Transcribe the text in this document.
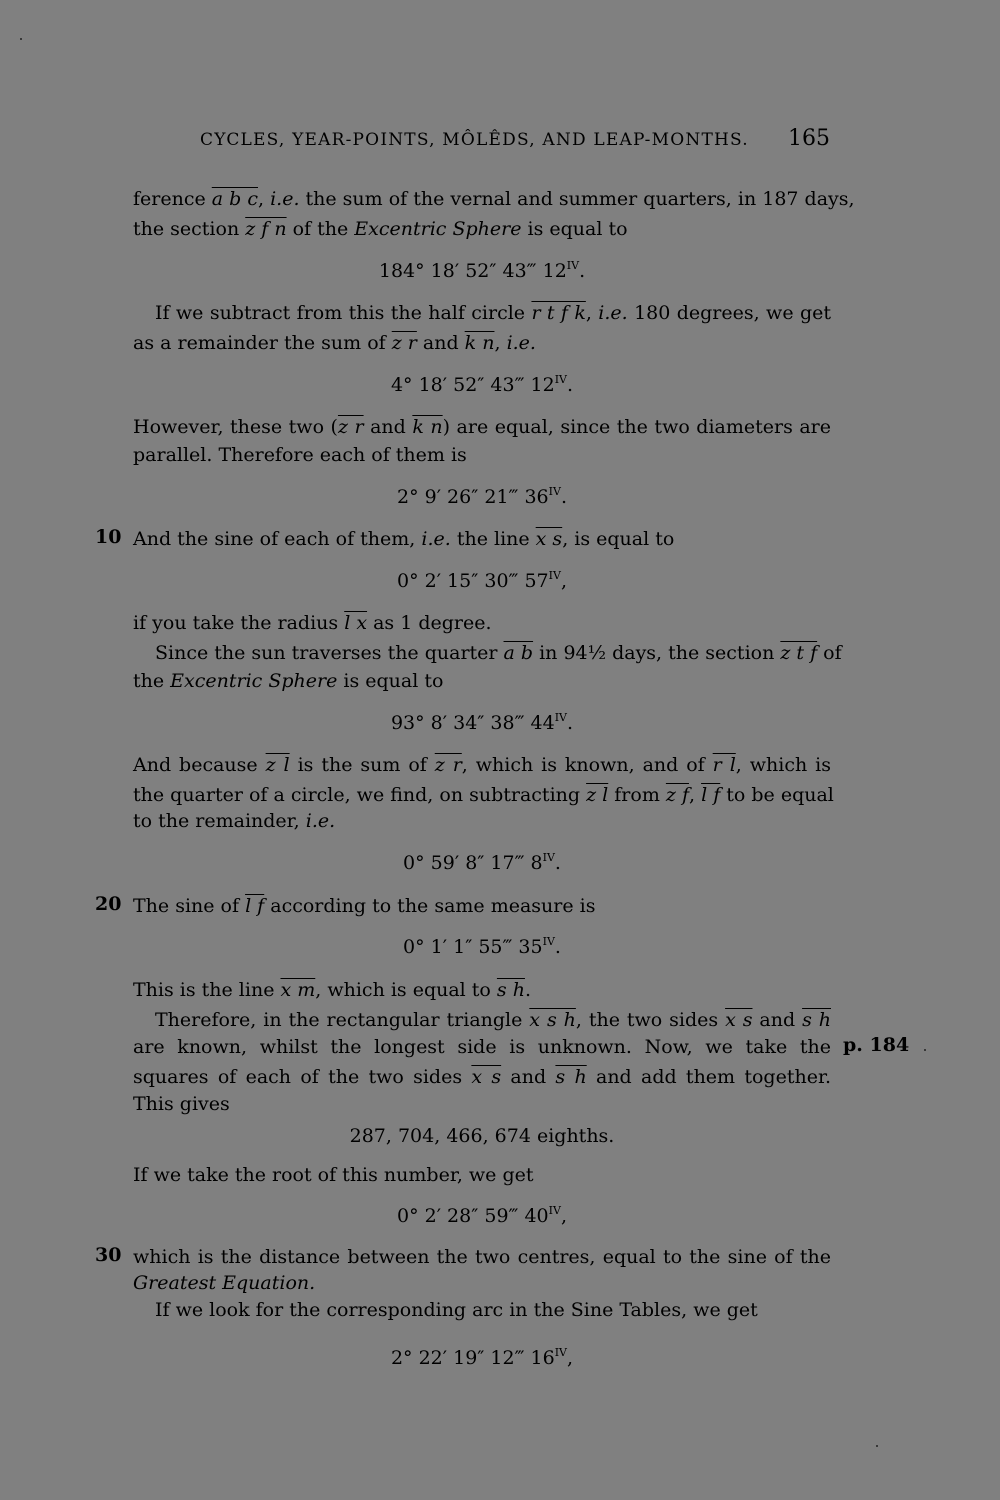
CYCLES, YEAR-POINTS, MÔLÊDS, AND LEAP-MONTHS. 165
ference a b c, i.e. the sum of the vernal and summer quarters, in 187 days,
the section z f n of the Excentric Sphere is equal to
184° 18′ 52″ 43‴ $12^{IV}$.
If we subtract from this the half circle r t f k, i.e. 180 degrees, we get
as a remainder the sum of z r and k n, i.e.
4° 18′ 52″ 43‴ $12^{IV}$.
However, these two (z r and k n) are equal, since the two diameters are
parallel. Therefore each of them is
2° 9′ 26″ 21‴ $36^{IV}$.
10 And the sine of each of them, i.e. the line x s, is equal to
0° 2′ 15″ 30‴ $57^{IV}$,
if you take the radius l x as 1 degree.
Since the sun traverses the quarter a b in 94½ days, the section z t f of
the Excentric Sphere is equal to
93° 8′ 34″ 38‴ $44^{IV}$.
And because z l is the sum of z r, which is known, and of r l, which is
the quarter of a circle, we find, on subtracting z l from z f, l f to be equal
to the remainder, i.e.
0° 59′ 8″ 17‴ $8^{IV}$.
20 The sine of l f according to the same measure is
0° 1′ 1″ 55‴ $35^{IV}$.
This is the line x m, which is equal to s h.
Therefore, in the rectangular triangle x s h, the two sides x s and s h
are known, whilst the longest side is unknown. Now, we take the p. 184
squares of each of the two sides x s and s h and add them together.
This gives
287, 704, 466, 674 eighths.
If we take the root of this number, we get
0° 2′ 28″ 59‴ $40^{IV}$,
30 which is the distance between the two centres, equal to the sine of the
Greatest Equation.
If we look for the corresponding arc in the Sine Tables, we get
2° 22′ 19″ 12‴ $16^{IV}$,
